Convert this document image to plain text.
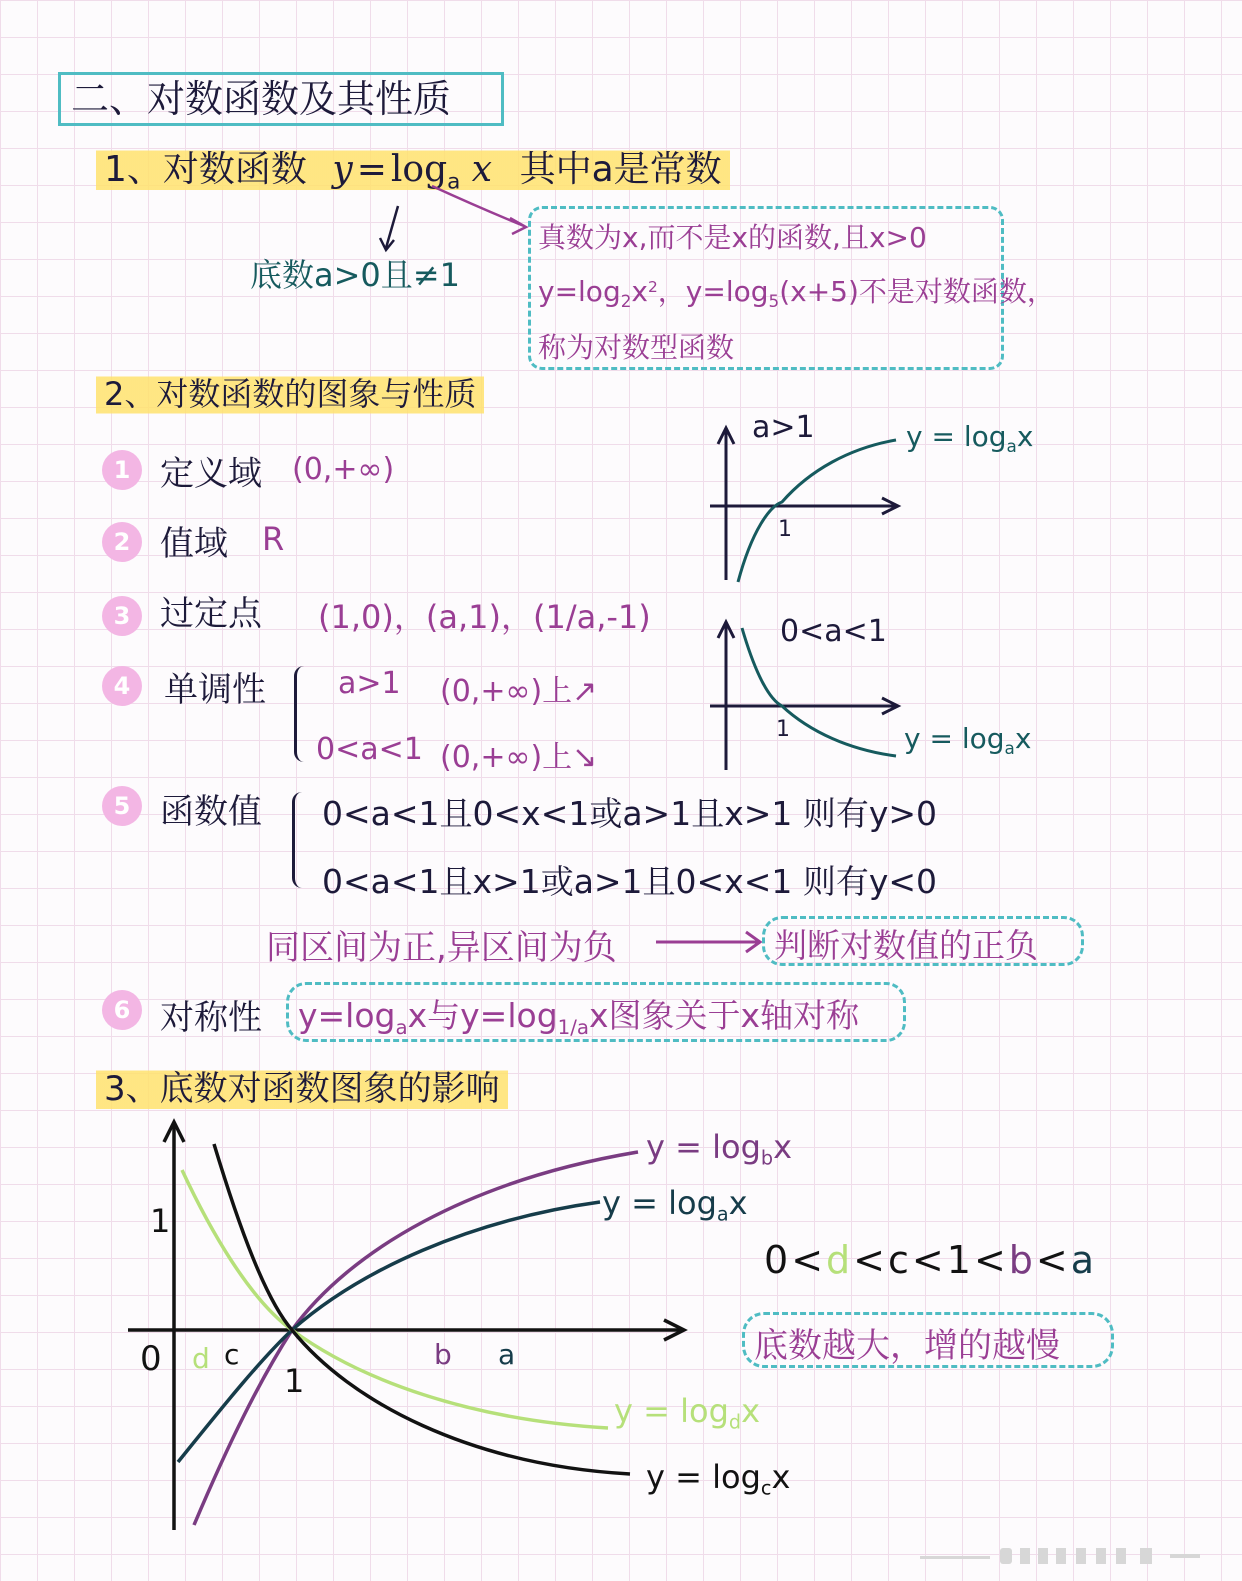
二、对数函数及其性质
1、对数函数 $y = \log_a x$ 其中a是常数
底数a>0且≠1
真数为x,而不是x的函数,且x>0
$y=\log_2x^2$，$y=\log_5(x+5)$不是对数函数，
称为对数型函数
2、对数函数的图象与性质
1 定义域 (0,+∞)
2 值域 R
3 过定点 (1,0)，(a,1)，(1/a,-1)
4 单调性 a>1 (0,+∞)上↗
0<a<1 (0,+∞)上↘
5 函数值 0<a<1且0<x<1或a>1且x>1 则有y>0
0<a<1且x>1或a>1且0<x<1 则有y<0
同区间为正,异区间为负	判断对数值的正负
6 对称性 $y=\log_ax$与$y=\log_{1/a}x$图象关于x轴对称
1
1
a>1	$y = \log_ax$
0<a<1
$y = \log_ax$
3、底数对函数图象的影响
0
1
d c
1
b a
$y = \log_bx$
$y = \log_ax$
$y = \log_dx$
$y = \log_cx$
0<d<c<1<b<a
底数越大，增的越慢
